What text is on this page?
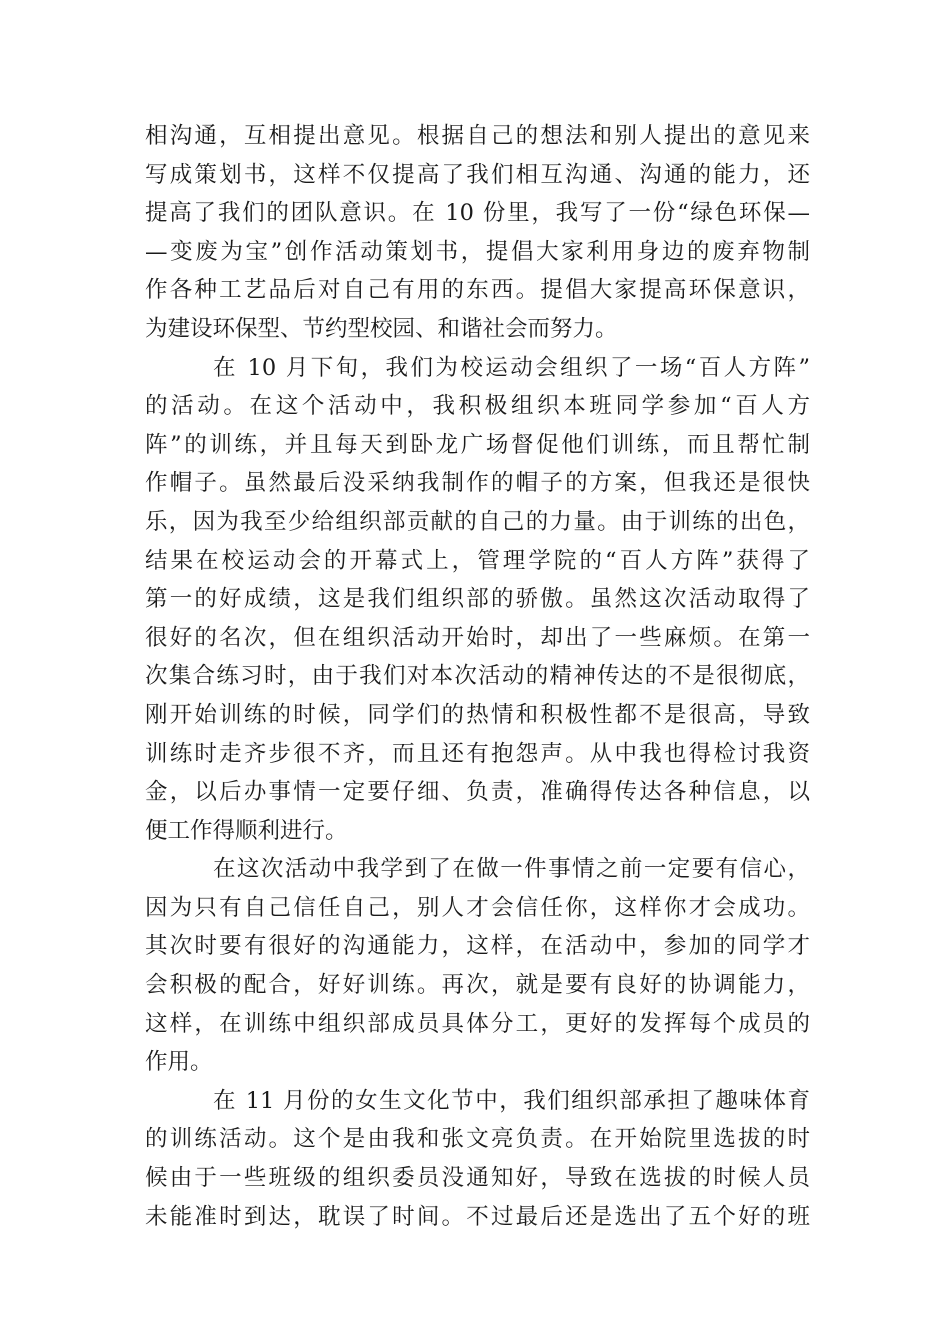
相沟通，互相提出意见。根据自己的想法和别人提出的意见来
写成策划书，这样不仅提高了我们相互沟通、沟通的能力，还
提高了我们的团队意识。在 10 份里，我写了一份“绿色环保—
—变废为宝”创作活动策划书，提倡大家利用身边的废弃物制
作各种工艺品后对自己有用的东西。提倡大家提高环保意识，
为建设环保型、节约型校园、和谐社会而努力。
在 10 月下旬，我们为校运动会组织了一场“百人方阵”
的活动。在这个活动中，我积极组织本班同学参加“百人方
阵”的训练，并且每天到卧龙广场督促他们训练，而且帮忙制
作帽子。虽然最后没采纳我制作的帽子的方案，但我还是很快
乐，因为我至少给组织部贡献的自己的力量。由于训练的出色，
结果在校运动会的开幕式上，管理学院的“百人方阵”获得了
第一的好成绩，这是我们组织部的骄傲。虽然这次活动取得了
很好的名次，但在组织活动开始时，却出了一些麻烦。在第一
次集合练习时，由于我们对本次活动的精神传达的不是很彻底，
刚开始训练的时候，同学们的热情和积极性都不是很高，导致
训练时走齐步很不齐，而且还有抱怨声。从中我也得检讨我资
金，以后办事情一定要仔细、负责，准确得传达各种信息，以
便工作得顺利进行。
在这次活动中我学到了在做一件事情之前一定要有信心，
因为只有自己信任自己，别人才会信任你，这样你才会成功。
其次时要有很好的沟通能力，这样，在活动中，参加的同学才
会积极的配合，好好训练。再次，就是要有良好的协调能力，
这样，在训练中组织部成员具体分工，更好的发挥每个成员的
作用。
在 11 月份的女生文化节中，我们组织部承担了趣味体育
的训练活动。这个是由我和张文亮负责。在开始院里选拔的时
候由于一些班级的组织委员没通知好，导致在选拔的时候人员
未能准时到达，耽误了时间。不过最后还是选出了五个好的班
